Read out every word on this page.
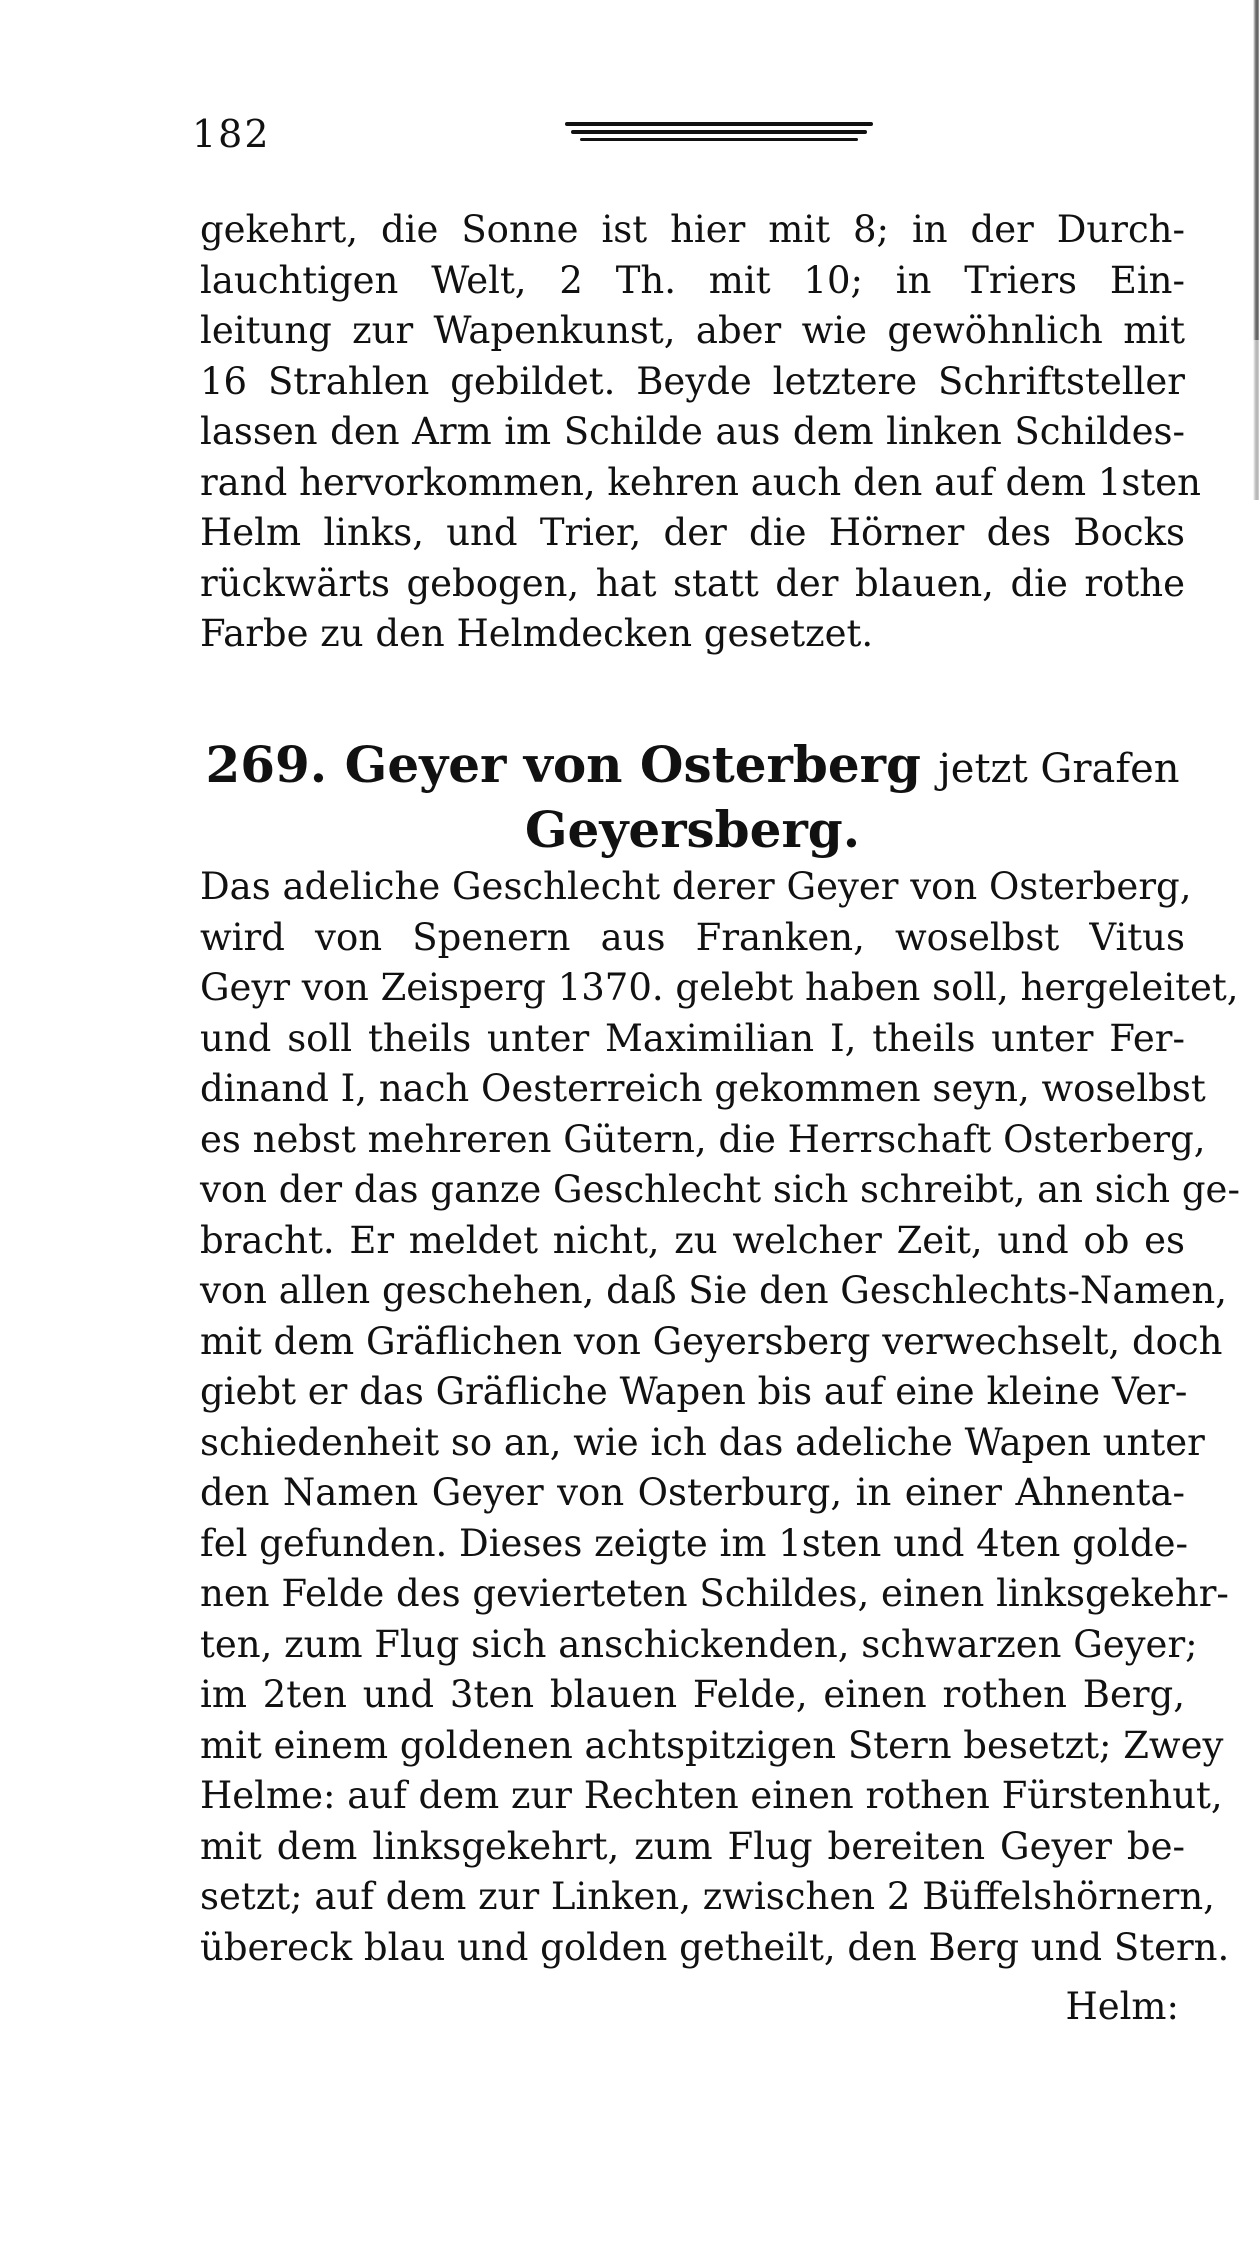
182
gekehrt, die Sonne ist hier mit 8; in der Durch-
lauchtigen Welt, 2 Th. mit 10; in Triers Ein-
leitung zur Wapenkunst, aber wie gewöhnlich mit
16 Strahlen gebildet. Beyde letztere Schriftsteller
lassen den Arm im Schilde aus dem linken Schildes-
rand hervorkommen, kehren auch den auf dem 1sten
Helm links, und Trier, der die Hörner des Bocks
rückwärts gebogen, hat statt der blauen, die rothe
Farbe zu den Helmdecken gesetzet.
269. Geyer von Osterberg jetzt Grafen
Geyersberg.
Das adeliche Geschlecht derer Geyer von Osterberg,
wird von Spenern aus Franken, woselbst Vitus
Geyr von Zeisperg 1370. gelebt haben soll, hergeleitet,
und soll theils unter Maximilian I, theils unter Fer-
dinand I, nach Oesterreich gekommen seyn, woselbst
es nebst mehreren Gütern, die Herrschaft Osterberg,
von der das ganze Geschlecht sich schreibt, an sich ge-
bracht. Er meldet nicht, zu welcher Zeit, und ob es
von allen geschehen, daß Sie den Geschlechts-Namen,
mit dem Gräflichen von Geyersberg verwechselt, doch
giebt er das Gräfliche Wapen bis auf eine kleine Ver-
schiedenheit so an, wie ich das adeliche Wapen unter
den Namen Geyer von Osterburg, in einer Ahnenta-
fel gefunden. Dieses zeigte im 1sten und 4ten golde-
nen Felde des gevierteten Schildes, einen linksgekehr-
ten, zum Flug sich anschickenden, schwarzen Geyer;
im 2ten und 3ten blauen Felde, einen rothen Berg,
mit einem goldenen achtspitzigen Stern besetzt; Zwey
Helme: auf dem zur Rechten einen rothen Fürstenhut,
mit dem linksgekehrt, zum Flug bereiten Geyer be-
setzt; auf dem zur Linken, zwischen 2 Büffelshörnern,
übereck blau und golden getheilt, den Berg und Stern.
Helm:
